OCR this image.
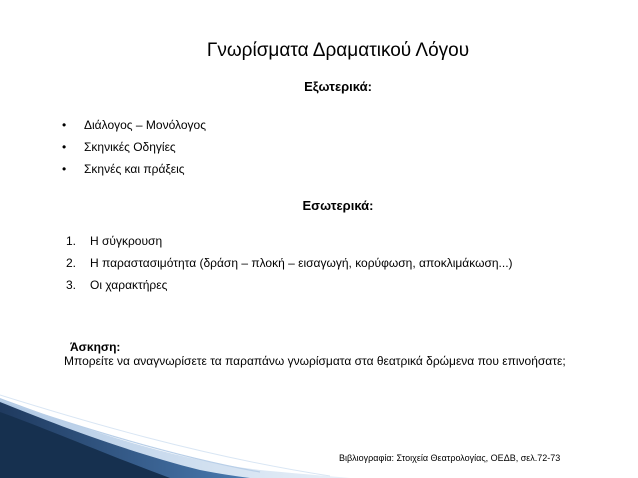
Γνωρίσματα Δραματικού Λόγου
Εξωτερικά:
•	Διάλογος – Μονόλογος
•	Σκηνικές Οδηγίες
•	Σκηνές και πράξεις
Εσωτερικά:
1.	Η σύγκρουση
2.	Η παραστασιμότητα (δράση – πλοκή – εισαγωγή, κορύφωση, αποκλιμάκωση...)
3.	Οι χαρακτήρες
Άσκηση:
Μπορείτε να αναγνωρίσετε τα παραπάνω γνωρίσματα στα θεατρικά δρώμενα που επινοήσατε;
Βιβλιογραφία: Στοιχεία Θεατρολογίας, ΟΕΔΒ, σελ.72-73
